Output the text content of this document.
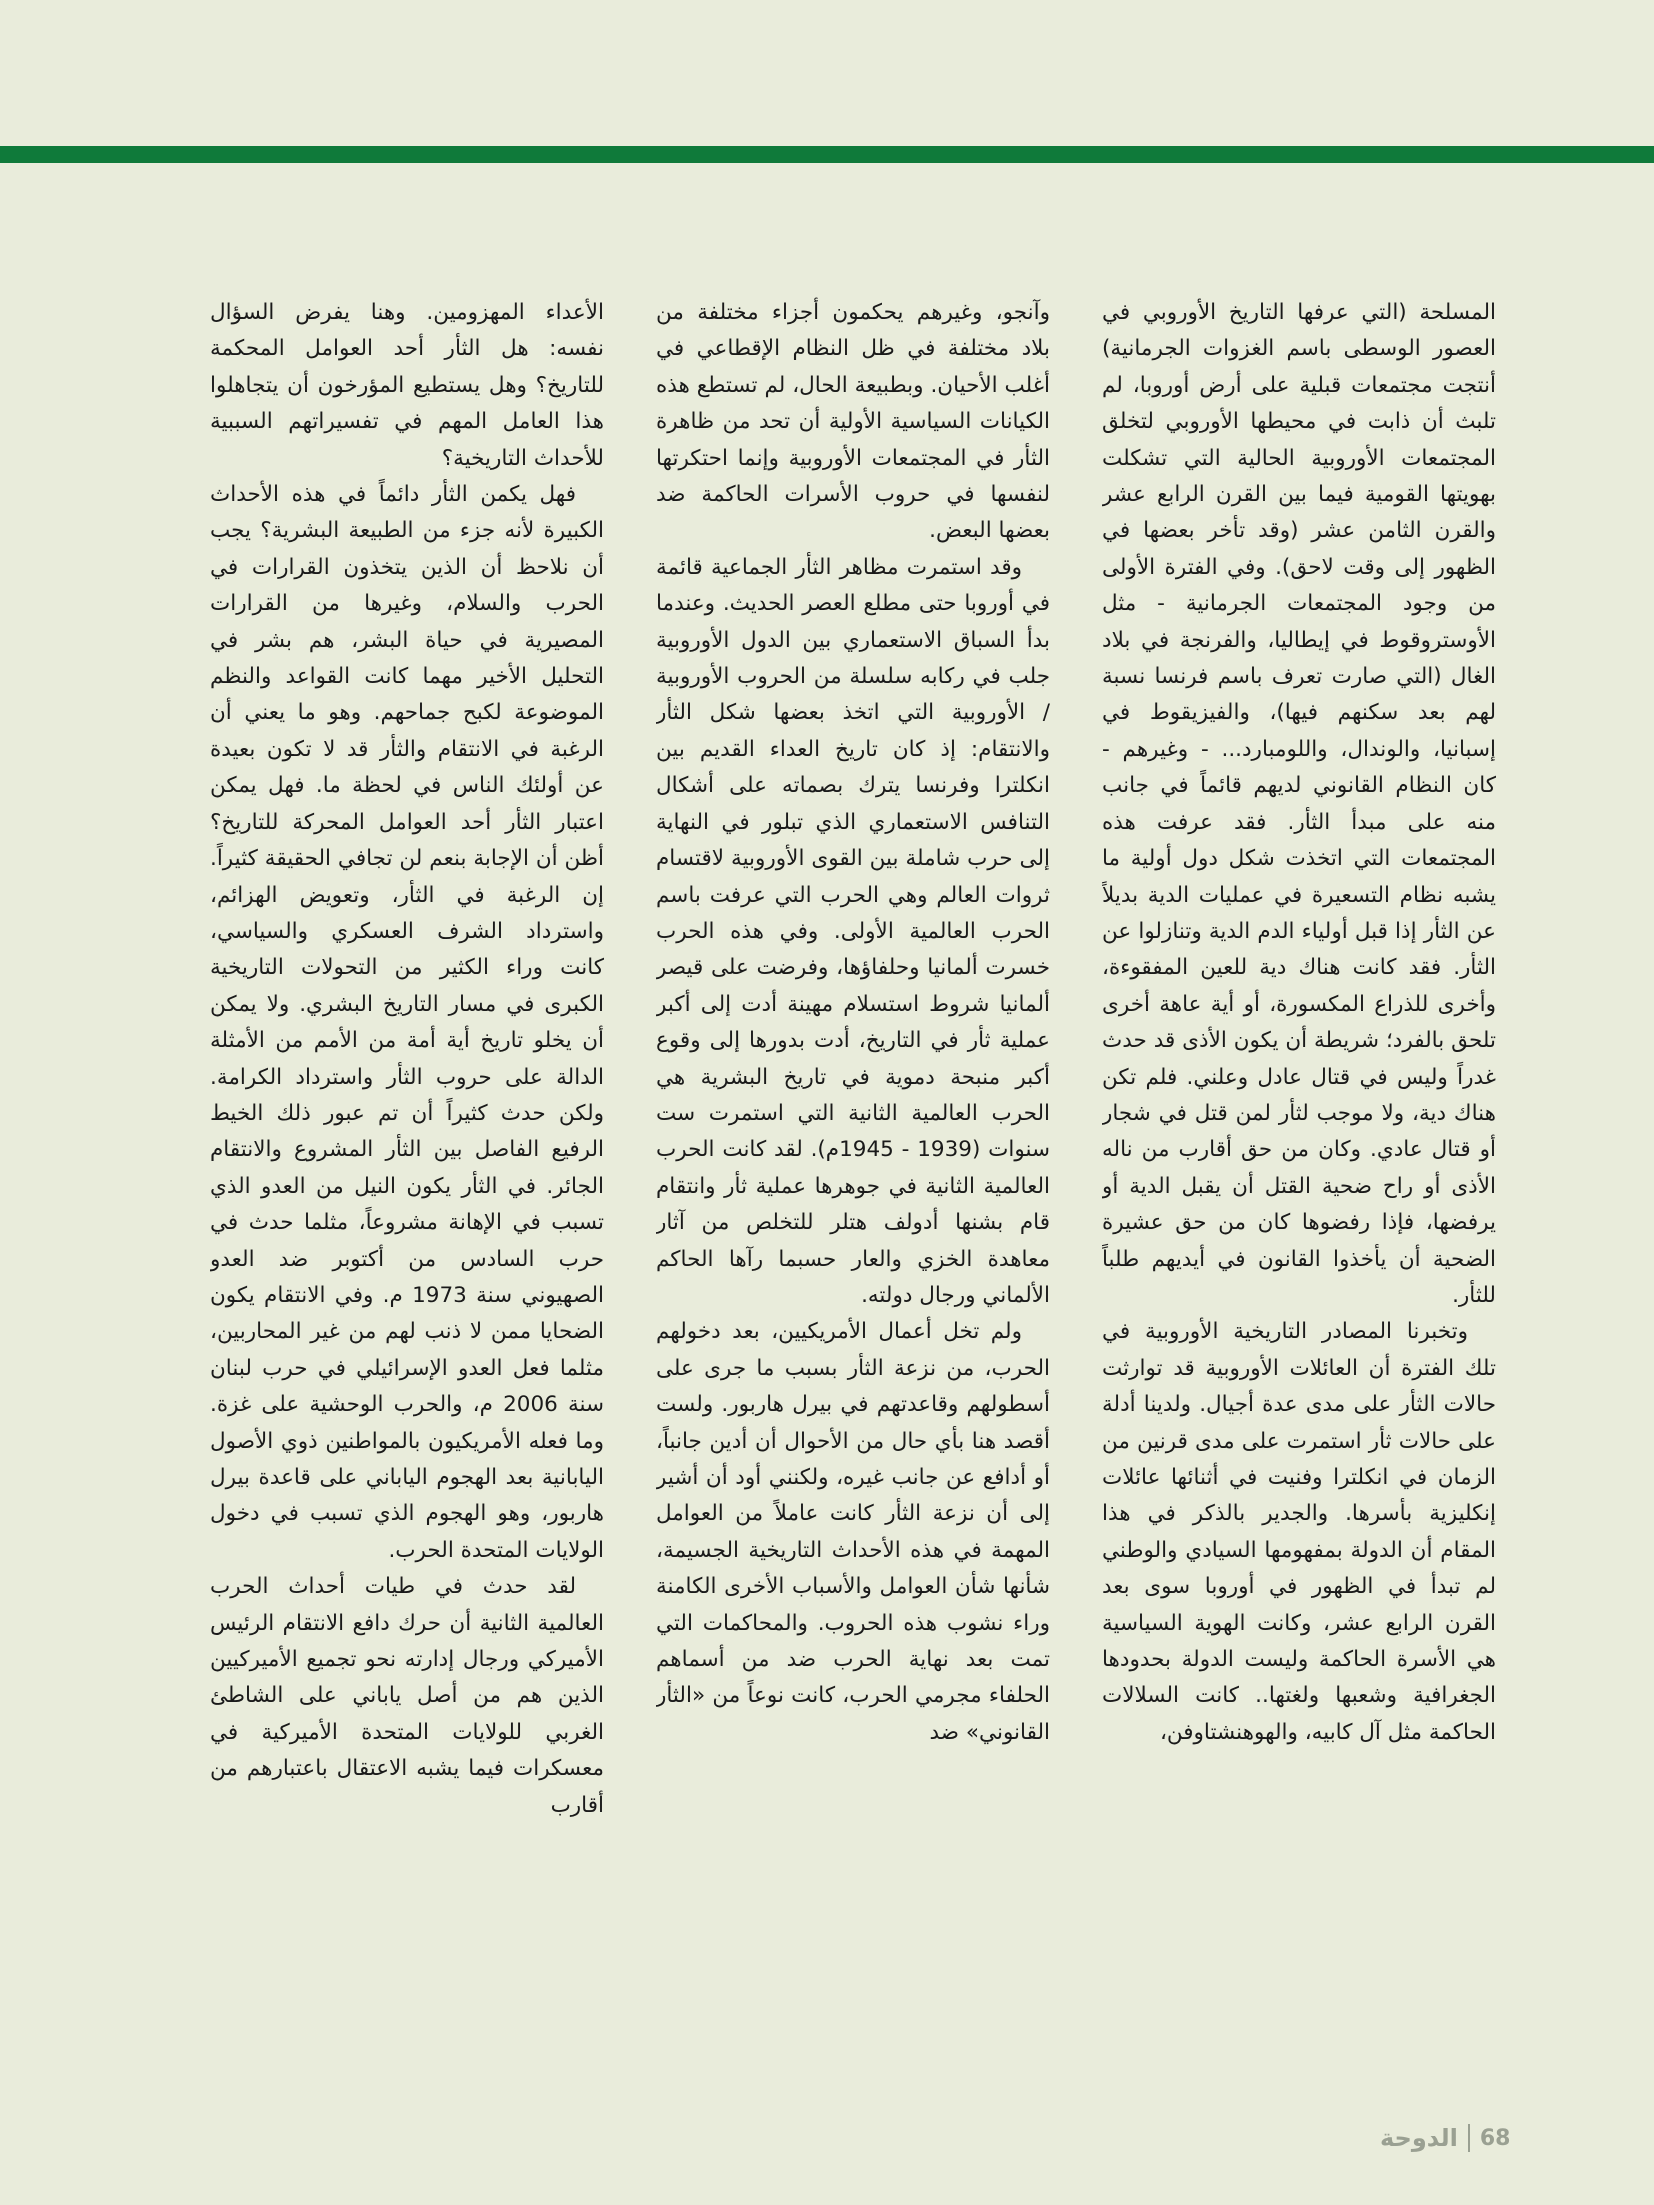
المسلحة (التي عرفها التاريخ الأوروبي في العصور الوسطى باسم الغزوات الجرمانية) أنتجت مجتمعات قبلية على أرض أوروبا، لم تلبث أن ذابت في محيطها الأوروبي لتخلق المجتمعات الأوروبية الحالية التي تشكلت بهويتها القومية فيما بين القرن الرابع عشر والقرن الثامن عشر (وقد تأخر بعضها في الظهور إلى وقت لاحق). وفي الفترة الأولى من وجود المجتمعات الجرمانية - مثل الأوستروقوط في إيطاليا، والفرنجة في بلاد الغال (التي صارت تعرف باسم فرنسا نسبة لهم بعد سكنهم فيها)، والفيزيقوط في إسبانيا، والوندال، واللومبارد... - وغيرهم - كان النظام القانوني لديهم قائماً في جانب منه على مبدأ الثأر. فقد عرفت هذه المجتمعات التي اتخذت شكل دول أولية ما يشبه نظام التسعيرة في عمليات الدية بديلاً عن الثأر إذا قبل أولياء الدم الدية وتنازلوا عن الثأر. فقد كانت هناك دية للعين المفقوءة، وأخرى للذراع المكسورة، أو أية عاهة أخرى تلحق بالفرد؛ شريطة أن يكون الأذى قد حدث غدراً وليس في قتال عادل وعلني. فلم تكن هناك دية، ولا موجب لثأر لمن قتل في شجار أو قتال عادي. وكان من حق أقارب من ناله الأذى أو راح ضحية القتل أن يقبل الدية أو يرفضها، فإذا رفضوها كان من حق عشيرة الضحية أن يأخذوا القانون في أيديهم طلباً للثأر.

وتخبرنا المصادر التاريخية الأوروبية في تلك الفترة أن العائلات الأوروبية قد توارثت حالات الثأر على مدى عدة أجيال. ولدينا أدلة على حالات ثأر استمرت على مدى قرنين من الزمان في انكلترا وفنيت في أثنائها عائلات إنكليزية بأسرها. والجدير بالذكر في هذا المقام أن الدولة بمفهومها السيادي والوطني لم تبدأ في الظهور في أوروبا سوى بعد القرن الرابع عشر، وكانت الهوية السياسية هي الأسرة الحاكمة وليست الدولة بحدودها الجغرافية وشعبها ولغتها.. كانت السلالات الحاكمة مثل آل كابيه، والهوهنشتاوفن،

وآنجو، وغيرهم يحكمون أجزاء مختلفة من بلاد مختلفة في ظل النظام الإقطاعي في أغلب الأحيان. وبطبيعة الحال، لم تستطع هذه الكيانات السياسية الأولية أن تحد من ظاهرة الثأر في المجتمعات الأوروبية وإنما احتكرتها لنفسها في حروب الأسرات الحاكمة ضد بعضها البعض.

وقد استمرت مظاهر الثأر الجماعية قائمة في أوروبا حتى مطلع العصر الحديث. وعندما بدأ السباق الاستعماري بين الدول الأوروبية جلب في ركابه سلسلة من الحروب الأوروبية / الأوروبية التي اتخذ بعضها شكل الثأر والانتقام: إذ كان تاريخ العداء القديم بين انكلترا وفرنسا يترك بصماته على أشكال التنافس الاستعماري الذي تبلور في النهاية إلى حرب شاملة بين القوى الأوروبية لاقتسام ثروات العالم وهي الحرب التي عرفت باسم الحرب العالمية الأولى. وفي هذه الحرب خسرت ألمانيا وحلفاؤها، وفرضت على قيصر ألمانيا شروط استسلام مهينة أدت إلى أكبر عملية ثأر في التاريخ، أدت بدورها إلى وقوع أكبر منبحة دموية في تاريخ البشرية هي الحرب العالمية الثانية التي استمرت ست سنوات (1939 - 1945م). لقد كانت الحرب العالمية الثانية في جوهرها عملية ثأر وانتقام قام بشنها أدولف هتلر للتخلص من آثار معاهدة الخزي والعار حسبما رآها الحاكم الألماني ورجال دولته.

ولم تخل أعمال الأمريكيين، بعد دخولهم الحرب، من نزعة الثأر بسبب ما جرى على أسطولهم وقاعدتهم في بيرل هاربور. ولست أقصد هنا بأي حال من الأحوال أن أدين جانباً، أو أدافع عن جانب غيره، ولكنني أود أن أشير إلى أن نزعة الثأر كانت عاملاً من العوامل المهمة في هذه الأحداث التاريخية الجسيمة، شأنها شأن العوامل والأسباب الأخرى الكامنة وراء نشوب هذه الحروب. والمحاكمات التي تمت بعد نهاية الحرب ضد من أسماهم الحلفاء مجرمي الحرب، كانت نوعاً من «الثأر القانوني» ضد

الأعداء المهزومين. وهنا يفرض السؤال نفسه: هل الثأر أحد العوامل المحكمة للتاريخ؟ وهل يستطيع المؤرخون أن يتجاهلوا هذا العامل المهم في تفسيراتهم السببية للأحداث التاريخية؟

فهل يكمن الثأر دائماً في هذه الأحداث الكبيرة لأنه جزء من الطبيعة البشرية؟ يجب أن نلاحظ أن الذين يتخذون القرارات في الحرب والسلام، وغيرها من القرارات المصيرية في حياة البشر، هم بشر في التحليل الأخير مهما كانت القواعد والنظم الموضوعة لكبح جماحهم. وهو ما يعني أن الرغبة في الانتقام والثأر قد لا تكون بعيدة عن أولئك الناس في لحظة ما. فهل يمكن اعتبار الثأر أحد العوامل المحركة للتاريخ؟ أظن أن الإجابة بنعم لن تجافي الحقيقة كثيراً. إن الرغبة في الثأر، وتعويض الهزائم، واسترداد الشرف العسكري والسياسي، كانت وراء الكثير من التحولات التاريخية الكبرى في مسار التاريخ البشري. ولا يمكن أن يخلو تاريخ أية أمة من الأمم من الأمثلة الدالة على حروب الثأر واسترداد الكرامة. ولكن حدث كثيراً أن تم عبور ذلك الخيط الرفيع الفاصل بين الثأر المشروع والانتقام الجائر. في الثأر يكون النيل من العدو الذي تسبب في الإهانة مشروعاً، مثلما حدث في حرب السادس من أكتوبر ضد العدو الصهيوني سنة 1973 م. وفي الانتقام يكون الضحايا ممن لا ذنب لهم من غير المحاربين، مثلما فعل العدو الإسرائيلي في حرب لبنان سنة 2006 م، والحرب الوحشية على غزة. وما فعله الأمريكيون بالمواطنين ذوي الأصول اليابانية بعد الهجوم الياباني على قاعدة بيرل هاربور، وهو الهجوم الذي تسبب في دخول الولايات المتحدة الحرب.

لقد حدث في طيات أحداث الحرب العالمية الثانية أن حرك دافع الانتقام الرئيس الأميركي ورجال إدارته نحو تجميع الأميركيين الذين هم من أصل ياباني على الشاطئ الغربي للولايات المتحدة الأميركية في معسكرات فيما يشبه الاعتقال باعتبارهم من أقارب

الدوحة 68
